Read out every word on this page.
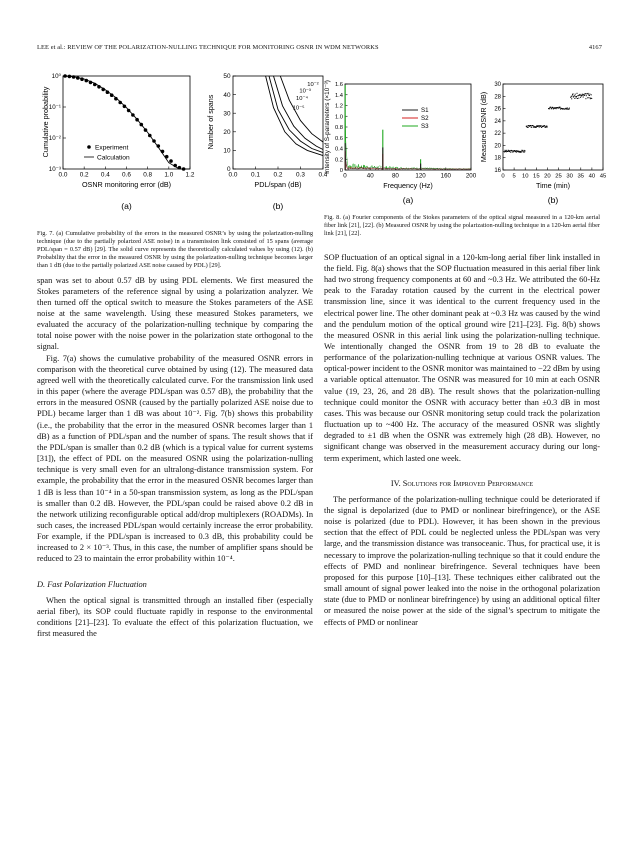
LEE et al.: REVIEW OF THE POLARIZATION-NULLING TECHNIQUE FOR MONITORING OSNR IN WDM NETWORKS	4167
0.0 0.2 0.4 0.6 0.8 1.0 1.2
10⁰
10⁻¹
10⁻²
10⁻³
Experiment
Calculation
OSNR monitoring error (dB)
Cumulative probability
(a)
0.0 0.1 0.2 0.3 0.4
0
10
20
30
40
50
10⁻²
10⁻³
10⁻⁴
10⁻⁵
PDL/span (dB)
Number of spans
(b)
0	40	80	120 160 200
0
0.2
0.4
0.6
0.8
1.0
1.2
1.4
1.6
S1
S2
S3
Frequency (Hz)
Intensity of S-parameters (×10⁻³)
(a)
0 5 10 15 20 25 30 35 40 45
16
18
20
22
24
26
28
30
Time (min)
Measured OSNR (dB)
(b)
Fig. 7. (a) Cumulative probability of the errors in the measured OSNR’s by using the polarization-nulling technique (due to the partially polarized ASE noise) in a transmission link consisted of 15 spans (average PDL/span = 0.57 dB) [29]. The solid curve represents the theoretically calculated values by using (12). (b) Probability that the error in the measured OSNR by using the polarization-nulling technique becomes larger than 1 dB (due to the partially polarized ASE noise caused by PDL) [29].

span was set to about 0.57 dB by using PDL elements. We first measured the Stokes parameters of the reference signal by using a polarization analyzer. We then turned off the optical switch to measure the Stokes parameters of the ASE noise at the same wavelength. Using these measured Stokes parameters, we evaluated the accuracy of the polarization-nulling technique by comparing the total noise power with the noise power in the polarization state orthogonal to the signal.

Fig. 7(a) shows the cumulative probability of the measured OSNR errors in comparison with the theoretical curve obtained by using (12). The measured data agreed well with the theoretically calculated curve. For the transmission link used in this paper (where the average PDL/span was 0.57 dB), the probability that the errors in the measured OSNR (caused by the partially polarized ASE noise due to PDL) became larger than 1 dB was about 10⁻². Fig. 7(b) shows this probability (i.e., the probability that the error in the measured OSNR becomes larger than 1 dB) as a function of PDL/span and the number of spans. The result shows that if the PDL/span is smaller than 0.2 dB (which is a typical value for current systems [31]), the effect of PDL on the measured OSNR using the polarization-nulling technique is very small even for an ultralong-distance transmission system. For example, the probability that the error in the measured OSNR becomes larger than 1 dB is less than 10⁻⁴ in a 50-span transmission system, as long as the PDL/span is smaller than 0.2 dB. However, the PDL/span could be raised above 0.2 dB in the network utilizing reconfigurable optical add/drop multiplexers (ROADMs). In such cases, the increased PDL/span would certainly increase the error probability. For example, if the PDL/span is increased to 0.3 dB, this probability could be increased to 2 × 10⁻³. Thus, in this case, the number of amplifier spans should be reduced to 23 to maintain the error probability within 10⁻⁴.

D. Fast Polarization Fluctuation

When the optical signal is transmitted through an installed fiber (especially aerial fiber), its SOP could fluctuate rapidly in response to the environmental conditions [21]–[23]. To evaluate the effect of this polarization fluctuation, we first measured the

Fig. 8. (a) Fourier components of the Stokes parameters of the optical signal measured in a 120-km aerial fiber link [21], [22]. (b) Measured OSNR by using the polarization-nulling technique in a 120-km aerial fiber link [21], [22].

SOP fluctuation of an optical signal in a 120-km-long aerial fiber link installed in the field. Fig. 8(a) shows that the SOP fluctuation measured in this aerial fiber link had two strong frequency components at 60 and ~0.3 Hz. We attributed the 60-Hz peak to the Faraday rotation caused by the current in the electrical power transmission line, since it was identical to the current frequency used in the electrical power line. The other dominant peak at ~0.3 Hz was caused by the wind and the pendulum motion of the optical ground wire [21]–[23]. Fig. 8(b) shows the measured OSNR in this aerial link using the polarization-nulling technique. We intentionally changed the OSNR from 19 to 28 dB to evaluate the performance of the polarization-nulling technique at various OSNR values. The optical-power incident to the OSNR monitor was maintained to −22 dBm by using a variable optical attenuator. The OSNR was measured for 10 min at each OSNR value (19, 23, 26, and 28 dB). The result shows that the polarization-nulling technique could monitor the OSNR with accuracy better than ±0.3 dB in most cases. This was because our OSNR monitoring setup could track the polarization fluctuation up to ~400 Hz. The accuracy of the measured OSNR was slightly degraded to ±1 dB when the OSNR was extremely high (28 dB). However, no significant change was observed in the measurement accuracy during our long-term experiment, which lasted one week.

IV. Solutions for Improved Performance

The performance of the polarization-nulling technique could be deteriorated if the signal is depolarized (due to PMD or nonlinear birefringence), or the ASE noise is polarized (due to PDL). However, it has been shown in the previous section that the effect of PDL could be neglected unless the PDL/span was very large, and the transmission distance was transoceanic. Thus, for practical use, it is necessary to improve the polarization-nulling technique so that it could endure the effects of PMD and nonlinear birefringence. Several techniques have been proposed for this purpose [10]–[13]. These techniques either calibrated out the small amount of signal power leaked into the noise in the orthogonal polarization state (due to PMD or nonlinear birefringence) by using an additional optical filter or measured the noise power at the side of the signal’s spectrum to mitigate the effects of PMD or nonlinear
